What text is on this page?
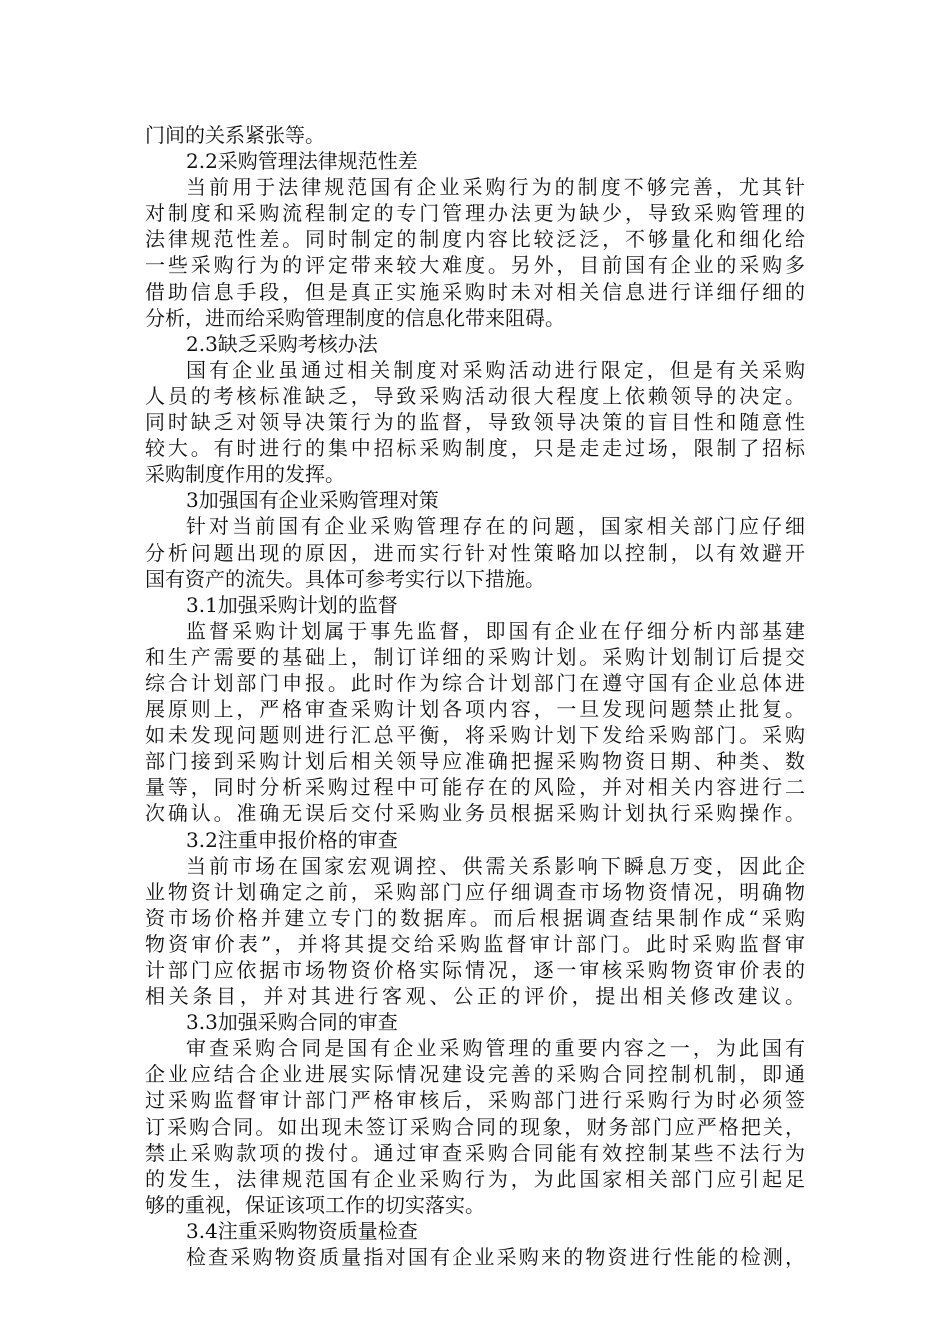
门间的关系紧张等。
2.2采购管理法律规范性差
当前用于法律规范国有企业采购行为的制度不够完善，尤其针
对制度和采购流程制定的专门管理办法更为缺少，导致采购管理的
法律规范性差。同时制定的制度内容比较泛泛，不够量化和细化给
一些采购行为的评定带来较大难度。另外，目前国有企业的采购多
借助信息手段，但是真正实施采购时未对相关信息进行详细仔细的
分析，进而给采购管理制度的信息化带来阻碍。
2.3缺乏采购考核办法
国有企业虽通过相关制度对采购活动进行限定，但是有关采购
人员的考核标准缺乏，导致采购活动很大程度上依赖领导的决定。
同时缺乏对领导决策行为的监督，导致领导决策的盲目性和随意性
较大。有时进行的集中招标采购制度，只是走走过场，限制了招标
采购制度作用的发挥。
3加强国有企业采购管理对策
针对当前国有企业采购管理存在的问题，国家相关部门应仔细
分析问题出现的原因，进而实行针对性策略加以控制，以有效避开
国有资产的流失。具体可参考实行以下措施。
3.1加强采购计划的监督
监督采购计划属于事先监督，即国有企业在仔细分析内部基建
和生产需要的基础上，制订详细的采购计划。采购计划制订后提交
综合计划部门申报。此时作为综合计划部门在遵守国有企业总体进
展原则上，严格审查采购计划各项内容，一旦发现问题禁止批复。
如未发现问题则进行汇总平衡，将采购计划下发给采购部门。采购
部门接到采购计划后相关领导应准确把握采购物资日期、种类、数
量等，同时分析采购过程中可能存在的风险，并对相关内容进行二
次确认。准确无误后交付采购业务员根据采购计划执行采购操作。
3.2注重申报价格的审查
当前市场在国家宏观调控、供需关系影响下瞬息万变，因此企
业物资计划确定之前，采购部门应仔细调查市场物资情况，明确物
资市场价格并建立专门的数据库。而后根据调查结果制作成“采购
物资审价表”，并将其提交给采购监督审计部门。此时采购监督审
计部门应依据市场物资价格实际情况，逐一审核采购物资审价表的
相关条目，并对其进行客观、公正的评价，提出相关修改建议。
3.3加强采购合同的审查
审查采购合同是国有企业采购管理的重要内容之一，为此国有
企业应结合企业进展实际情况建设完善的采购合同控制机制，即通
过采购监督审计部门严格审核后，采购部门进行采购行为时必须签
订采购合同。如出现未签订采购合同的现象，财务部门应严格把关，
禁止采购款项的拨付。通过审查采购合同能有效控制某些不法行为
的发生，法律规范国有企业采购行为，为此国家相关部门应引起足
够的重视，保证该项工作的切实落实。
3.4注重采购物资质量检查
检查采购物资质量指对国有企业采购来的物资进行性能的检测，
